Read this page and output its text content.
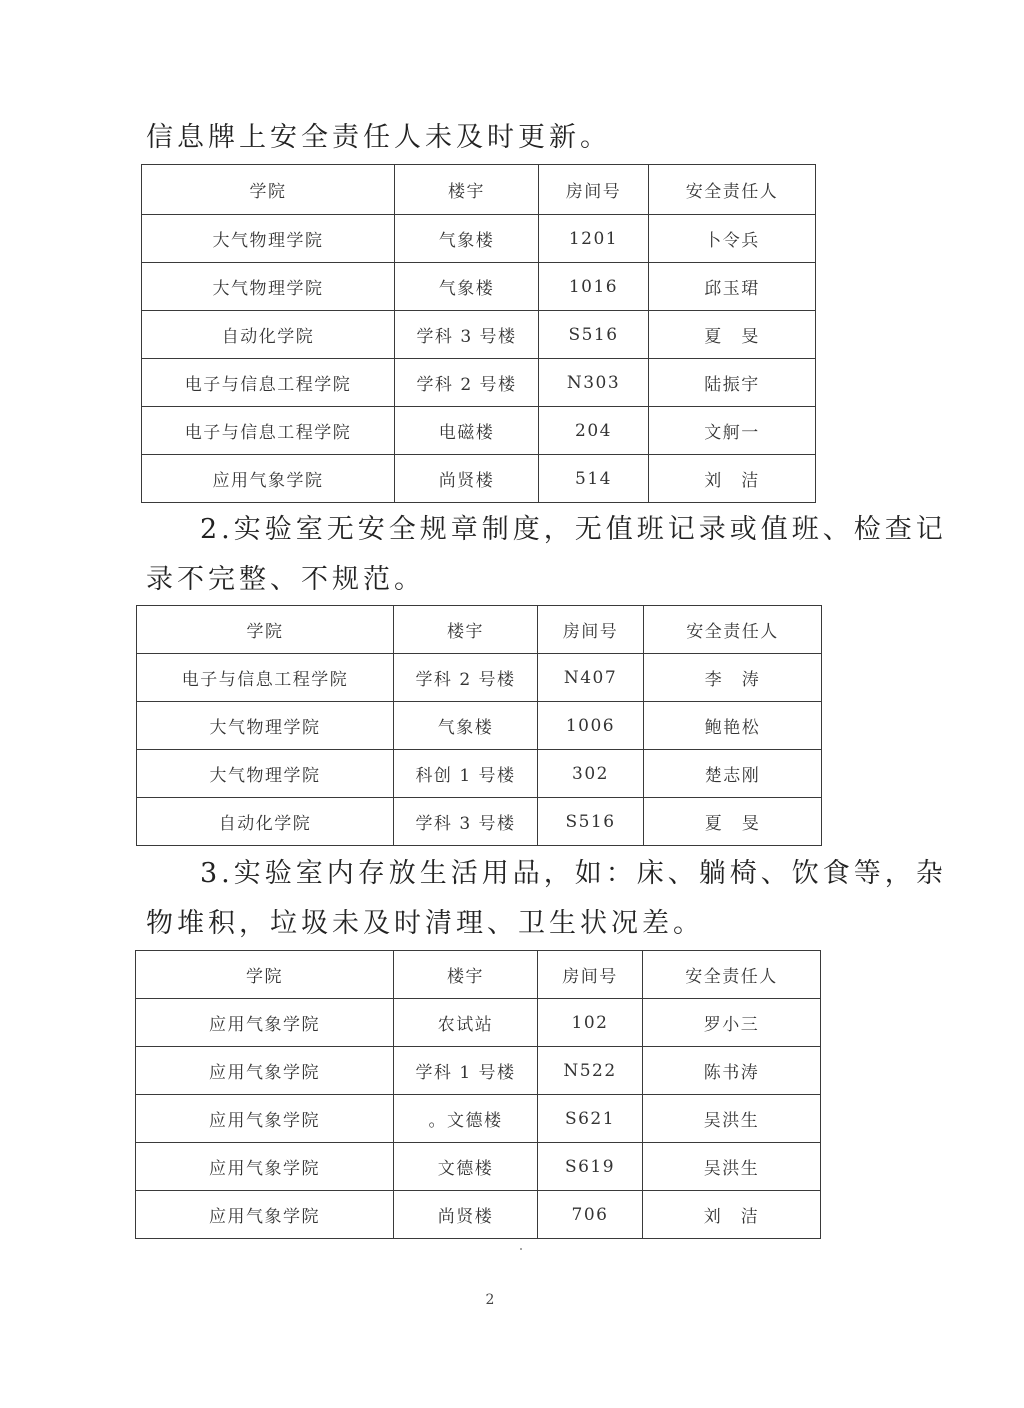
信息牌上安全责任人未及时更新。
学院	楼宇	房间号	安全责任人
大气物理学院	气象楼	1201	卜令兵
大气物理学院	气象楼	1016	邱玉珺
自动化学院	学科 3 号楼	S516	夏　旻
电子与信息工程学院	学科 2 号楼	N303	陆振宇
电子与信息工程学院	电磁楼	204	文舸一
应用气象学院	尚贤楼	514	刘　洁
2.实验室无安全规章制度，无值班记录或值班、检查记
录不完整、不规范。
学院	楼宇	房间号	安全责任人
电子与信息工程学院	学科 2 号楼	N407	李　涛
大气物理学院	气象楼	1006	鲍艳松
大气物理学院	科创 1 号楼	302	楚志刚
自动化学院	学科 3 号楼	S516	夏　旻
3.实验室内存放生活用品，如：床、躺椅、饮食等，杂
物堆积，垃圾未及时清理、卫生状况差。
学院	楼宇	房间号	安全责任人
应用气象学院	农试站	102	罗小三
应用气象学院	学科 1 号楼	N522	陈书涛
应用气象学院	。文德楼	S621	吴洪生
应用气象学院	文德楼	S619	吴洪生
应用气象学院	尚贤楼	706	刘　洁
2
